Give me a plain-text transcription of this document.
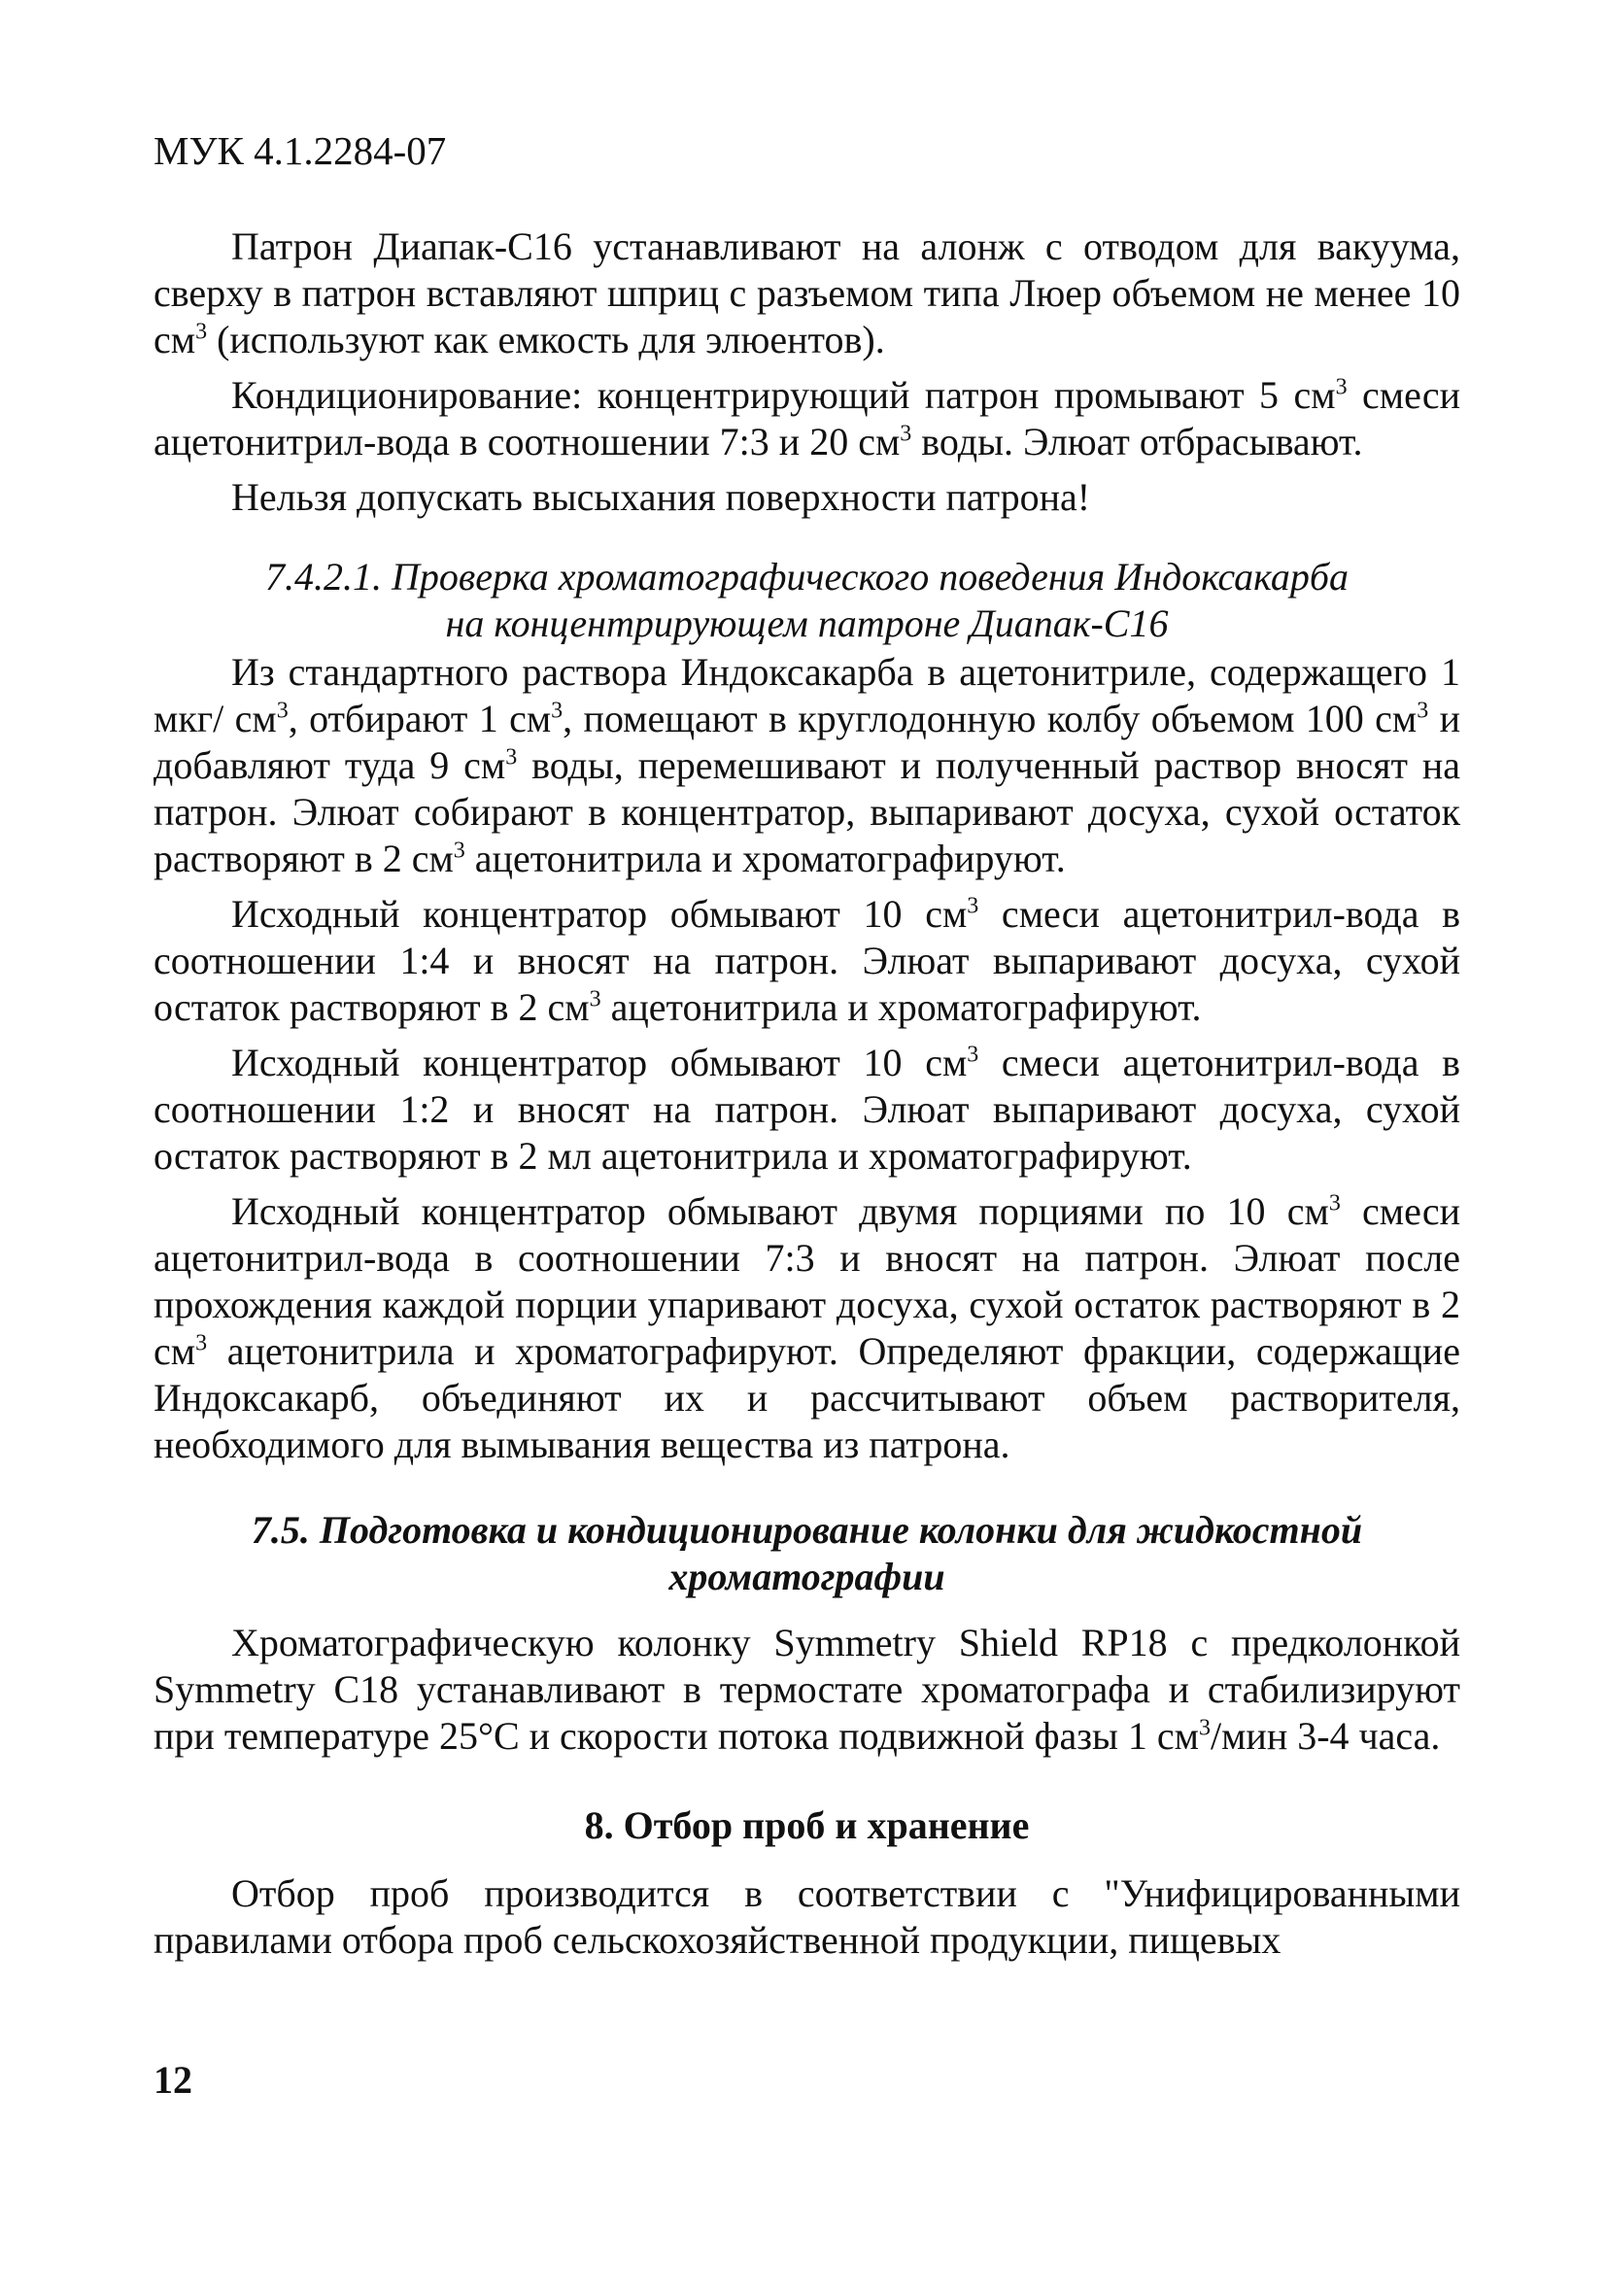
МУК 4.1.2284-07

Патрон Диапак-С16 устанавливают на алонж с отводом для вакуума, сверху в патрон вставляют шприц с разъемом типа Люер объемом не менее 10 $см^3$ (используют как емкость для элюентов).

Кондиционирование: концентрирующий патрон промывают 5 $см^3$ смеси ацетонитрил-вода в соотношении 7:3 и 20 $см^3$ воды. Элюат отбрасывают.

Нельзя допускать высыхания поверхности патрона!

7.4.2.1. Проверка хроматографического поведения Индоксакарба
на концентрирующем патроне Диапак-С16

Из стандартного раствора Индоксакарба в ацетонитриле, содержащего 1 мкг/ $см^3$, отбирают 1 $см^3$, помещают в круглодонную колбу объемом 100 $см^3$ и добавляют туда 9 $см^3$ воды, перемешивают и полученный раствор вносят на патрон. Элюат собирают в концентратор, выпаривают досуха, сухой остаток растворяют в 2 $см^3$ ацетонитрила и хроматографируют.

Исходный концентратор обмывают 10 $см^3$ смеси ацетонитрил-вода в соотношении 1:4 и вносят на патрон. Элюат выпаривают досуха, сухой остаток растворяют в 2 $см^3$ ацетонитрила и хроматографируют.

Исходный концентратор обмывают 10 $см^3$ смеси ацетонитрил-вода в соотношении 1:2 и вносят на патрон. Элюат выпаривают досуха, сухой остаток растворяют в 2 мл ацетонитрила и хроматографируют.

Исходный концентратор обмывают двумя порциями по 10 $см^3$ смеси ацетонитрил-вода в соотношении 7:3 и вносят на патрон. Элюат после прохождения каждой порции упаривают досуха, сухой остаток растворяют в 2 $см^3$ ацетонитрила и хроматографируют. Определяют фракции, содержащие Индоксакарб, объединяют их и рассчитывают объем растворителя, необходимого для вымывания вещества из патрона.

7.5. Подготовка и кондиционирование колонки для жидкостной
хроматографии

Хроматографическую колонку Symmetry Shield RP18 с предколонкой Symmetry C18 устанавливают в термостате хроматографа и стабилизируют при температуре 25°С и скорости потока подвижной фазы 1 $см^3$/мин 3-4 часа.

8. Отбор проб и хранение

Отбор проб производится в соответствии с "Унифицированными правилами отбора проб сельскохозяйственной продукции, пищевых

12
